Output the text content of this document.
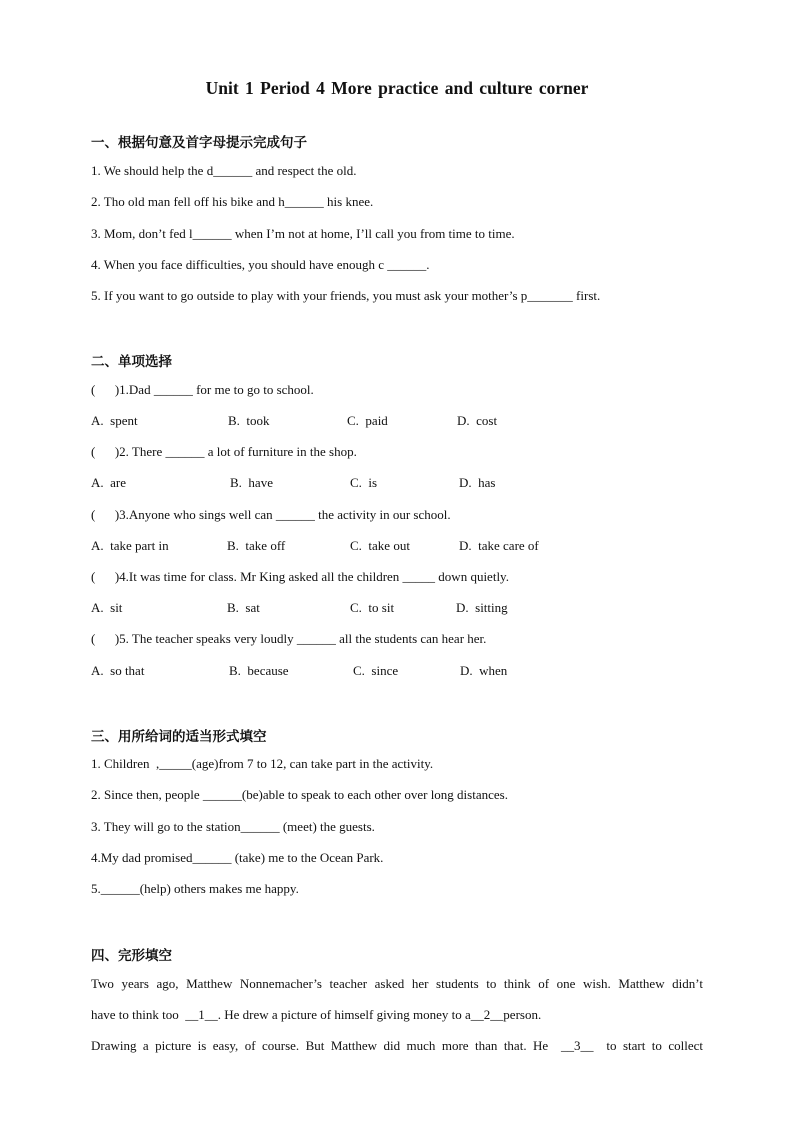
Unit 1 Period 4 More practice and culture corner
一、根据句意及首字母提示完成句子
1. We should help the d______ and respect the old.
2. Tho old man fell off his bike and h______ his knee.
3. Mom, don’t fed l______ when I’m not at home, I’ll call you from time to time.
4. When you face difficulties, you should have enough c ______.
5. If you want to go outside to play with your friends, you must ask your mother’s p_______ first.
二、单项选择
(      )1.Dad ______ for me to go to school.
A.  spent	B.  took	C.  paid	D.  cost
(      )2. There ______ a lot of furniture in the shop.
A.  are	B.  have	C.  is	D.  has
(      )3.Anyone who sings well can ______ the activity in our school.
A.  take part in	B.  take off	C.  take out	D.  take care of
(      )4.It was time for class. Mr King asked all the children _____ down quietly.
A.  sit	B.  sat	C.  to sit	D.  sitting
(      )5. The teacher speaks very loudly ______ all the students can hear her.
A.  so that	B.  because	C.  since	D.  when
三、用所给词的适当形式填空
1. Children  ,_____(age)from 7 to 12, can take part in the activity.
2. Since then, people ______(be)able to speak to each other over long distances.
3. They will go to the station______ (meet) the guests.
4.My dad promised______ (take) me to the Ocean Park.
5.______(help) others makes me happy.
四、完形填空
Two years ago, Matthew Nonnemacher’s teacher asked her students to think of one wish. Matthew didn’t
have to think too  __1__. He drew a picture of himself giving money to a__2__person.
Drawing a picture is easy, of course. But Matthew did much more than that. He  __3__  to start to collect
